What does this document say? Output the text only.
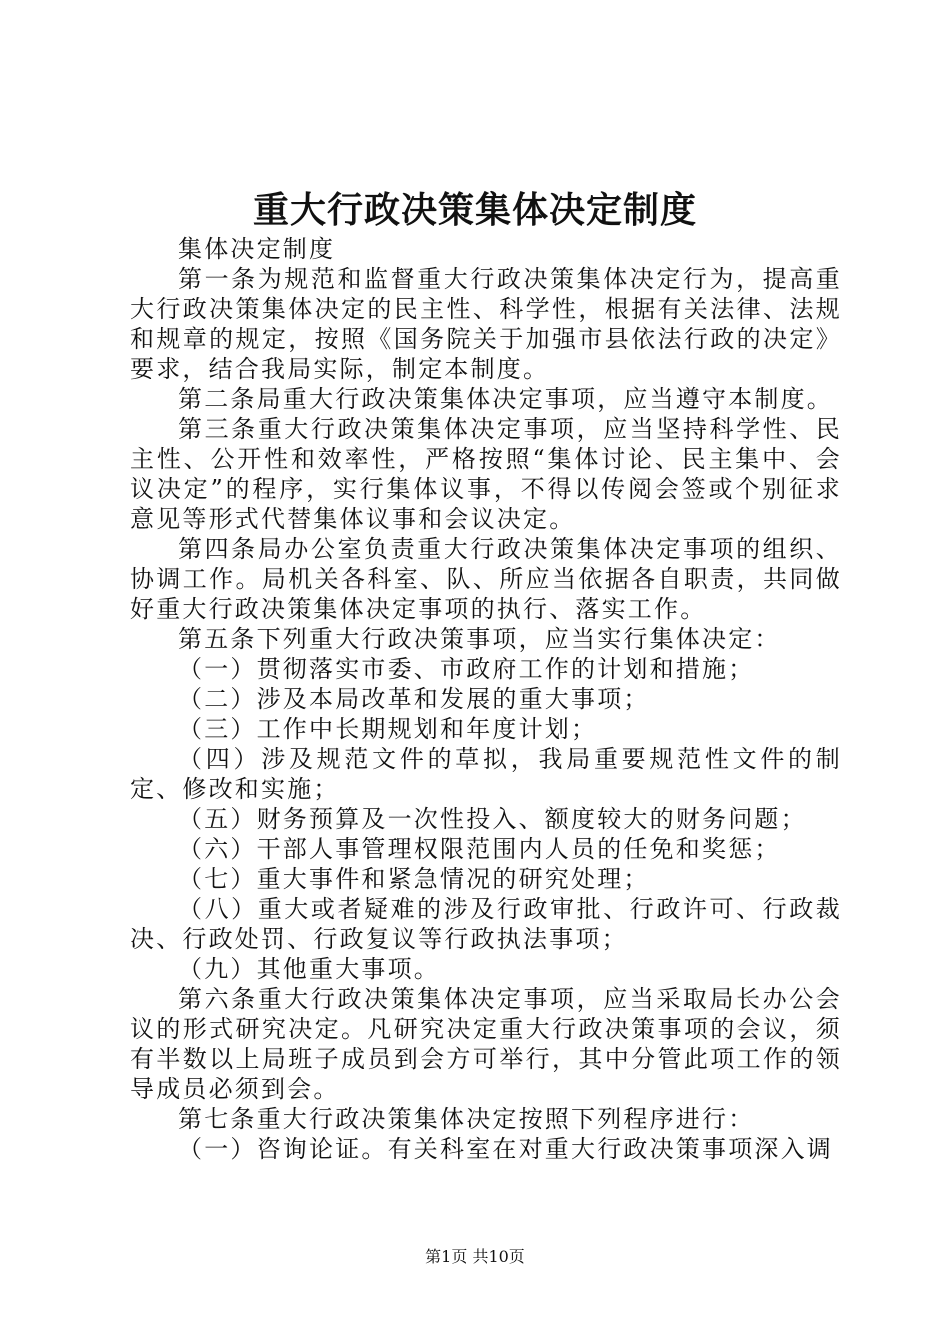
重大行政决策集体决定制度

集体决定制度

第一条为规范和监督重大行政决策集体决定行为，提高重大行政决策集体决定的民主性、科学性，根据有关法律、法规和规章的规定，按照《国务院关于加强市县依法行政的决定》要求，结合我局实际，制定本制度。

第二条局重大行政决策集体决定事项，应当遵守本制度。

第三条重大行政决策集体决定事项，应当坚持科学性、民主性、公开性和效率性，严格按照“集体讨论、民主集中、会议决定”的程序，实行集体议事，不得以传阅会签或个别征求意见等形式代替集体议事和会议决定。

第四条局办公室负责重大行政决策集体决定事项的组织、协调工作。局机关各科室、队、所应当依据各自职责，共同做好重大行政决策集体决定事项的执行、落实工作。

第五条下列重大行政决策事项，应当实行集体决定：

（一）贯彻落实市委、市政府工作的计划和措施；

（二）涉及本局改革和发展的重大事项；

（三）工作中长期规划和年度计划；

（四）涉及规范文件的草拟，我局重要规范性文件的制定、修改和实施；

（五）财务预算及一次性投入、额度较大的财务问题；

（六）干部人事管理权限范围内人员的任免和奖惩；

（七）重大事件和紧急情况的研究处理；

（八）重大或者疑难的涉及行政审批、行政许可、行政裁决、行政处罚、行政复议等行政执法事项；

（九）其他重大事项。

第六条重大行政决策集体决定事项，应当采取局长办公会议的形式研究决定。凡研究决定重大行政决策事项的会议，须有半数以上局班子成员到会方可举行，其中分管此项工作的领导成员必须到会。

第七条重大行政决策集体决定按照下列程序进行：

（一）咨询论证。有关科室在对重大行政决策事项深入调

第1页 共10页
